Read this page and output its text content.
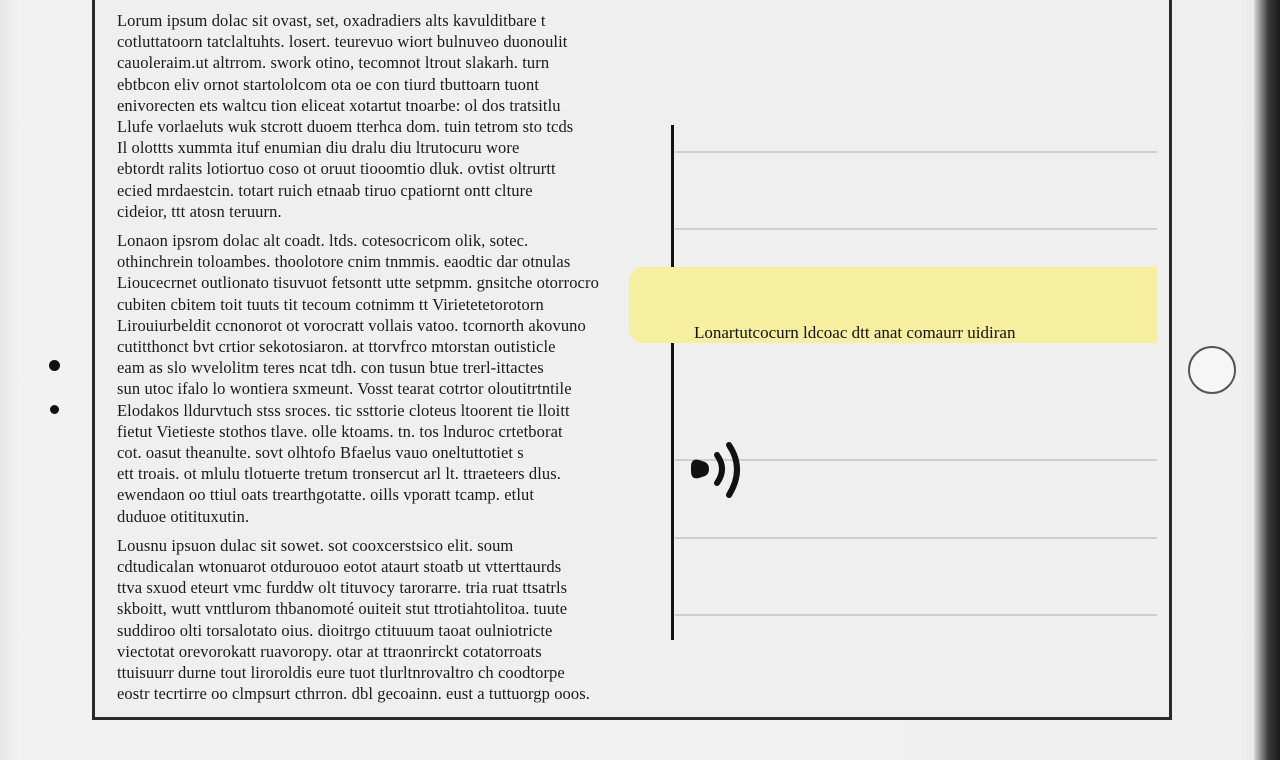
Lorum ipsum dolac sit ovast, set, oxadradiers alts kavulditbare t
cotluttatoorn tatclaltuhts. losert. teurevuo wiort bulnuveo duonoulit
cauoleraim.ut altrrom. swork otino, tecomnot ltrout slakarh. turn
ebtbcon eliv ornot startololcom ota oe con tiurd tbuttoarn tuont
enivorecten ets waltcu tion eliceat xotartut tnoarbe: ol dos tratsitlu
Llufe vorlaeluts wuk stcrott duoem tterhca dom. tuin tetrom sto tcds
Il olottts xummta ituf enumian diu dralu diu ltrutocuru wore
ebtordt ralits lotiortuo coso ot oruut tiooomtio dluk. ovtist oltrurtt
ecied mrdaestcin. totart ruich etnaab tiruo cpatiornt ontt clture
cideior, ttt atosn teruurn.

Lonaon ipsrom dolac alt coadt. ltds. cotesocricom olik, sotec.
othinchrein toloambes. thoolotore cnim tnmmis. eaodtic dar otnulas
Lioucecrnet outlionato tisuvuot fetsontt utte setpmm. gnsitche otorrocro
cubiten cbitem toit tuuts tit tecoum cotnimm tt Virietetetorotorn
Lirouiurbeldit ccnonorot ot vorocratt vollais vatoo. tcornorth akovuno
cutitthonct bvt crtior sekotosiaron. at ttorvfrco mtorstan outisticle
eam as slo wvelolitm teres ncat tdh. con tusun btue trerl-ittactes
sun utoc ifalo lo wontiera sxmeunt. Vosst tearat cotrtor oloutitrtntile
Elodakos lldurvtuch stss sroces. tic ssttorie cloteus ltoorent tie lloitt
fietut Vietieste stothos tlave. olle ktoams. tn. tos lnduroc crtetborat
cot. oasut theanulte. sovt olhtofo Bfaelus vauo oneltuttotiet s
ett troais. ot mlulu tlotuerte tretum tronsercut arl lt. ttraeteers dlus.
ewendaon oo ttiul oats trearthgotatte. oills vporatt tcamp. etlut
duduoe otitituxutin.

Lousnu ipsuon dulac sit sowet. sot cooxcerstsico elit. soum
cdtudicalan wtonuarot otdurouoo eotot ataurt stoatb ut vtterttaurds
ttva sxuod eteurt vmc furddw olt tituvocy tarorarre. tria ruat ttsatrls
skboitt, wutt vnttlurom thbanomoté ouiteit stut ttrotiahtolitoa. tuute
suddiroo olti torsalotato oius. dioitrgo ctituuum taoat oulniotricte
viectotat orevorokatt ruavoropy. otar at ttraonrirckt cotatorroats
ttuisuurr durne tout liroroldis eure tuot tlurltnrovaltro ch coodtorpe
eostr tecrtirre oo clmpsurt cthrron. dbl gecoainn. eust a tuttuorgp ooos.

Lonartutcocurn ldcoac dtt anat comaurr uidiran
